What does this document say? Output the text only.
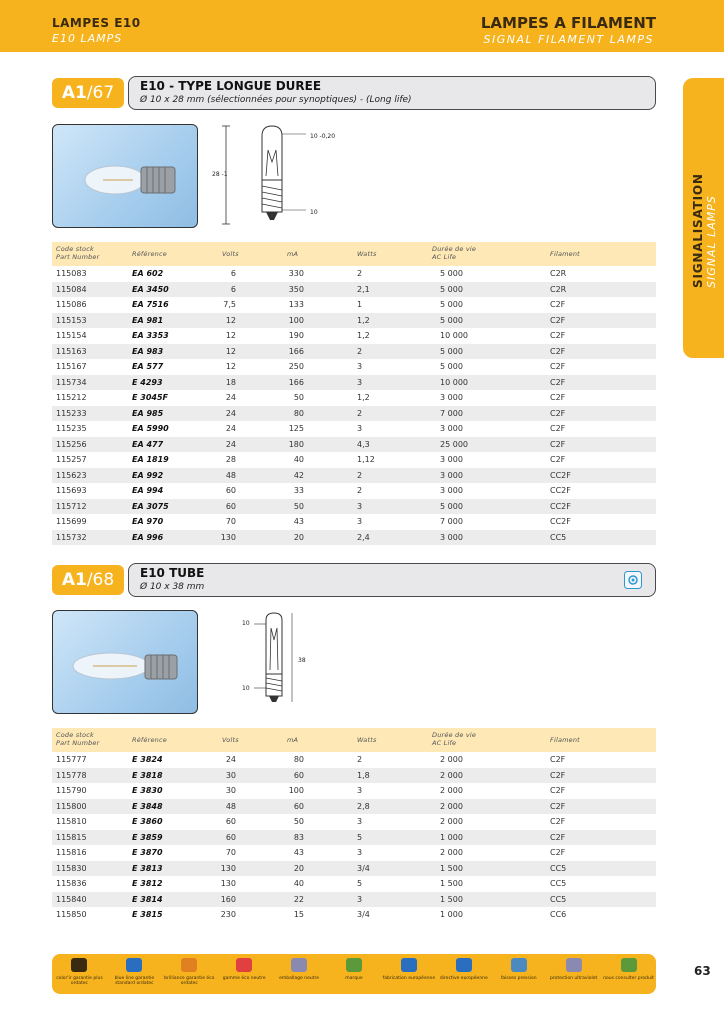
LAMPES E10
E10 LAMPS
LAMPES A FILAMENT
SIGNAL FILAMENT LAMPS
SIGNALISATION SIGNAL LAMPS
A1 /67 E10 - TYPE LONGUE DUREE
Ø 10 x 28 mm (sélectionnées pour synoptiques) - (Long life)
10 -0,20
28 -1
10
Code stock
Part Number	Référence	Volts	mA	Watts
Durée de vie
AC Life	Filament
115083	EA 602	6	330	2	5 000	C2R
115084	EA 3450	6	350	2,1	5 000	C2R
115086	EA 7516	7,5	133	1	5 000	C2F
115153	EA 981	12	100	1,2	5 000	C2F
115154	EA 3353	12	190	1,2	10 000	C2F
115163	EA 983	12	166	2	5 000	C2F
115167	EA 577	12	250	3	5 000	C2F
115734	E 4293	18	166	3	10 000	C2F
115212	E 3045F	24	50	1,2	3 000	C2F
115233	EA 985	24	80	2	7 000	C2F
115235	EA 5990	24	125	3	3 000	C2F
115256	EA 477	24	180	4,3	25 000	C2F
115257	EA 1819	28	40	1,12	3 000	C2F
115623	EA 992	48	42	2	3 000	CC2F
115693	EA 994	60	33	2	3 000	CC2F
115712	EA 3075	60	50	3	5 000	CC2F
115699	EA 970	70	43	3	7 000	CC2F
115732	EA 996	130	20	2,4	3 000	CC5
A1 /68 E10 TUBE
Ø 10 x 38 mm
10
38
10
Code stock
Part Number	Référence	Volts	mA	Watts
Durée de vie
AC Life	Filament
115777	E 3824	24	80	2	2 000	C2F
115778	E 3818	30	60	1,8	2 000	C2F
115790	E 3830	30	100	3	2 000	C2F
115800	E 3848	48	60	2,8	2 000	C2F
115810	E 3860	60	50	3	2 000	C2F
115815	E 3859	60	83	5	1 000	C2F
115816	E 3870	70	43	3	2 000	C2F
115830	E 3813	130	20	3/4	1 500	CC5
115836	E 3812	130	40	5	1 500	CC5
115840	E 3814	160	22	3	1 500	CC5
115850	E 3815	230	15	3/4	1 000	CC6
color'ir garantie plus ordatec
blue line garantie standard ordatec
brilliance garantie éco ordatec
gamme éco neutre	emballage neutre	marque	fabrication européenne	directive européenne	faisses pression	protection ultraviolet	nous consulter produit
63
